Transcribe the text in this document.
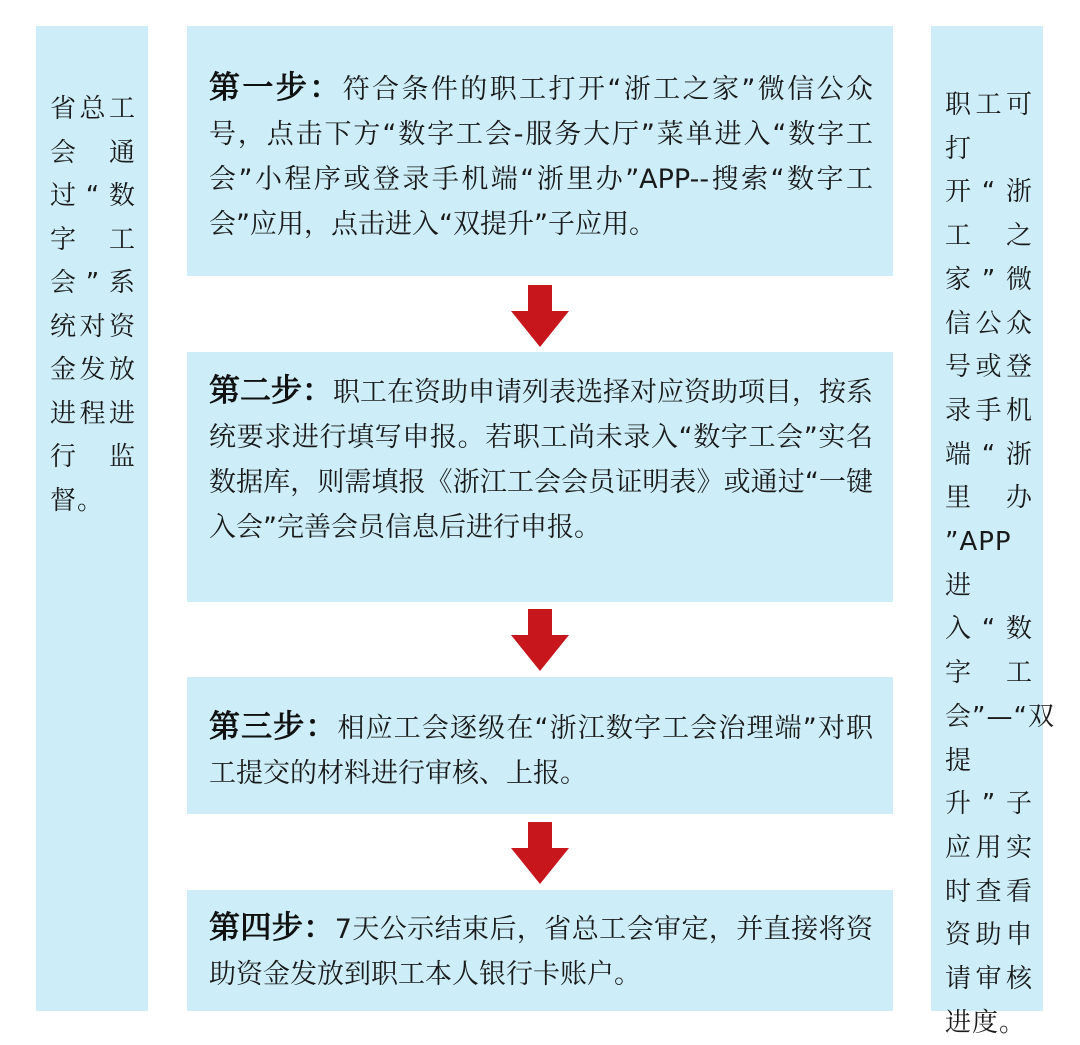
省总工会通过“数字工会”系统对资金发放进程进行监督。

第一步：符合条件的职工打开“浙工之家”微信公众号，点击下方“数字工会-服务大厅”菜单进入“数字工会”小程序或登录手机端“浙里办”APP--搜索“数字工会”应用，点击进入“双提升”子应用。

第二步：职工在资助申请列表选择对应资助项目，按系统要求进行填写申报。若职工尚未录入“数字工会”实名数据库，则需填报《浙江工会会员证明表》或通过“一键入会”完善会员信息后进行申报。

第三步：相应工会逐级在“浙江数字工会治理端”对职工提交的材料进行审核、上报。

第四步：7天公示结束后，省总工会审定，并直接将资助资金发放到职工本人银行卡账户。

职工可打 开“浙工之家”微信公众号或登录手机 端“浙里办 ”APP进入“数字 工会”—“双提升”子应用实时查看资助申请审核进度。
